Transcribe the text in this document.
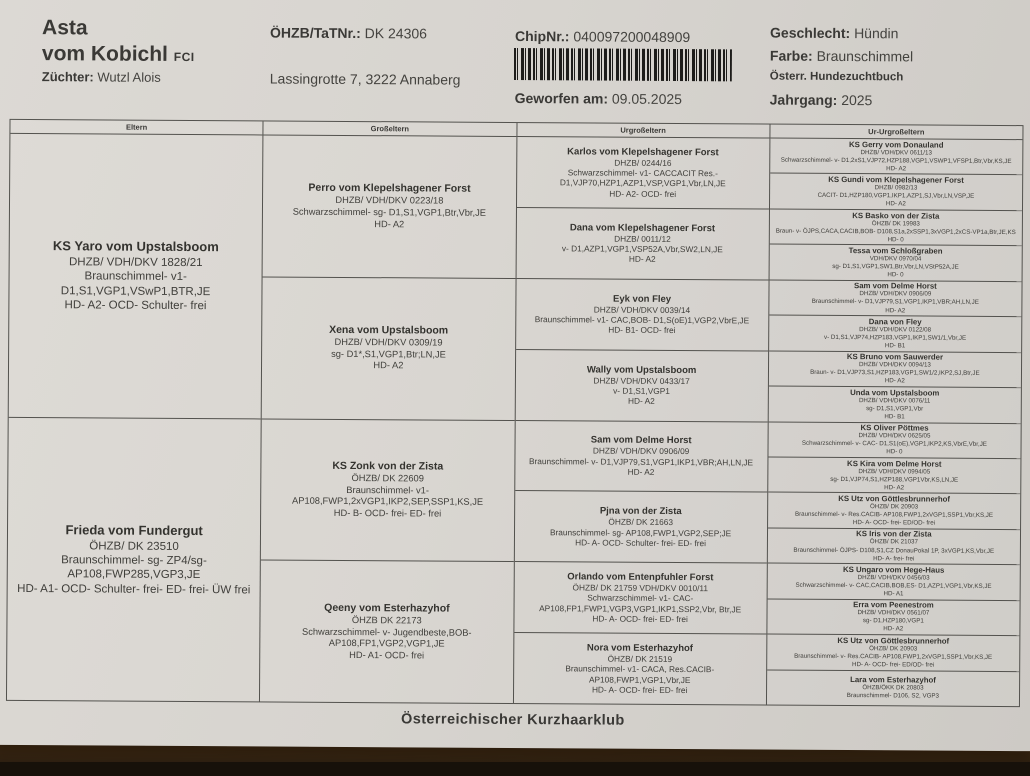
Asta
vom Kobichl FCI
Züchter: Wutzl Alois
ÖHZB/TaTNr.: DK 24306
Lassingrotte 7, 3222 Annaberg
ChipNr.: 040097200048909
Geworfen am: 09.05.2025
Geschlecht: Hündin
Farbe: Braunschimmel
Österr. Hundezuchtbuch
Jahrgang: 2025
Eltern
KS Yaro vom Upstalsboom
DHZB/ VDH/DKV 1828/21
Braunschimmel- v1-
D1,S1,VGP1,VSwP1,BTR,JE
HD- A2- OCD- Schulter- frei
Frieda vom Fundergut
ÖHZB/ DK 23510
Braunschimmel- sg- ZP4/sg-
AP108,FWP285,VGP3,JE
HD- A1- OCD- Schulter- frei- ED- frei- ÜW frei
Großeltern
Perro vom Klepelshagener Forst
DHZB/ VDH/DKV 0223/18
Schwarzschimmel- sg- D1,S1,VGP1,Btr,Vbr,JE
HD- A2
Xena vom Upstalsboom
DHZB/ VDH/DKV 0309/19
sg- D1*,S1,VGP1,Btr;LN,JE
HD- A2
KS Zonk von der Zista
ÖHZB/ DK 22609
Braunschimmel- v1-
AP108,FWP1,2xVGP1,IKP2,SEP,SSP1,KS,JE
HD- B- OCD- frei- ED- frei
Qeeny vom Esterhazyhof
ÖHZB DK 22173
Schwarzschimmel- v- Jugendbeste,BOB-
AP108,FP1,VGP2,VGP1,JE
HD- A1- OCD- frei
Urgroßeltern
Karlos vom Klepelshagener Forst
DHZB/ 0244/16
Schwarzschimmel- v1- CACCACIT Res.-
D1,VJP70,HZP1,AZP1,VSP,VGP1,Vbr,LN,JE
HD- A2- OCD- frei
Dana vom Klepelshagener Forst
DHZB/ 0011/12
v- D1,AZP1,VGP1,VSP52A,Vbr,SW2,LN,JE
HD- A2
Eyk von Fley
DHZB/ VDH/DKV 0039/14
Braunschimmel- v1- CAC,BOB- D1,S(oE)1,VGP2,VbrE,JE
HD- B1- OCD- frei
Wally vom Upstalsboom
DHZB/ VDH/DKV 0433/17
v- D1,S1,VGP1
HD- A2
Sam vom Delme Horst
DHZB/ VDH/DKV 0906/09
Braunschimmel- v- D1,VJP79,S1,VGP1,IKP1,VBR;AH,LN,JE
HD- A2
Pjna von der Zista
ÖHZB/ DK 21663
Braunschimmel- sg- AP108,FWP1,VGP2,SEP;JE
HD- A- OCD- Schulter- frei- ED- frei
Orlando vom Entenpfuhler Forst
ÖHZB/ DK 21759 VDH/DKV 0010/11
Schwarzschimmel- v1- CAC-
AP108,FP1,FWP1,VGP3,VGP1,IKP1,SSP2,Vbr, Btr,JE
HD- A- OCD- frei- ED- frei
Nora vom Esterhazyhof
ÖHZB/ DK 21519
Braunschimmel- v1- CACA, Res.CACIB-
AP108,FWP1,VGP1,Vbr,JE
HD- A- OCD- frei- ED- frei
Ur-Urgroßeltern
KS Gerry vom Donauland
DHZB/ VDH/DKV 0611/13
Schwarzschimmel- v- D1,2xS1,VJP72,HZP188,VGP1,VSWP1,VFSP1,Btr,Vbr,KS,JE
HD- A2
KS Gundi vom Klepelshagener Forst
DHZB/ 0982/13
CACIT- D1,HZP180,VGP1,IKP1,AZP1,SJ,Vbr,LN,VSP,JE
HD- A2
KS Basko von der Zista
ÖHZB/ DK 19983
Braun- v- ÖJPS,CACA,CACIB,BOB- D108,S1a,2xSSP1,3xVGP1,2xCS-VP1a,Btr,JE,KS
HD- 0
Tessa vom Schloßgraben
VDH/DKV 0970/04
sg- D1,S1,VGP1,SW1,Btr,Vbr,LN,VStP52A,JE
HD- 0
Sam vom Delme Horst
DHZB/ VDH/DKV 0906/09
Braunschimmel- v- D1,VJP79,S1,VGP1,IKP1,VBR;AH,LN,JE
HD- A2
Dana von Fley
DHZB/ VDH/DKV 0122/08
v- D1,S1,VJP74,HZP183,VGP1,IKP1,SW1/1,Vbr,JE
HD- B1
KS Bruno vom Sauwerder
DHZB/ VDH/DKV 0094/13
Braun- v- D1,VJP73,S1,HZP183,VGP1,SW1/2,IKP2,SJ,Btr,JE
HD- A2
Unda vom Upstalsboom
DHZB/ VDH/DKV 0076/11
sg- D1,S1,VGP1,Vbr
HD- B1
KS Oliver Pöttmes
DHZB/ VDH/DKV 0625/05
Schwarzschimmel- v- CAC- D1,S1(oE),VGP1,IKP2,KS,VbrE,Vbr,JE
HD- 0
KS Kira vom Delme Horst
DHZB/ VDH/DKV 0994/05
sg- D1,VJP74,S1,HZP188,VGP1Vbr,KS,LN,JE
HD- A2
KS Utz von Göttlesbrunnerhof
ÖHZB/ DK 20903
Braunschimmel- v- Res.CACIB- AP108,FWP1,2xVGP1,SSP1,Vbr,KS,JE
HD- A- OCD- frei- ED/OD- frei
KS Iris von der Zista
ÖHZB/ DK 21037
Braunschimmel- ÖJPS- D108,S1,CZ DonauPokal 1P, 3xVGP1,KS,Vbr,JE
HD- A- frei- frei
KS Ungaro vom Hege-Haus
DHZB/ VDH/DKV 0456/03
Schwarzschimmel- v- CAC,CACIB,BOB,ES- D1,AZP1,VGP1,Vbr,KS,JE
HD- A1
Erra vom Peenestrom
DHZB/ VDH/DKV 0561/07
sg- D1,HZP180,VGP1
HD- A2
KS Utz von Göttlesbrunnerhof
ÖHZB/ DK 20903
Braunschimmel- v- Res.CACIB- AP108,FWP1,2xVGP1,SSP1,Vbr,KS,JE
HD- A- OCD- frei- ED/OD- frei
Lara vom Esterhazyhof
ÖHZB/ÖKK DK 20803
Braunschimmel- D106, S2, VGP3
Österreichischer Kurzhaarklub
